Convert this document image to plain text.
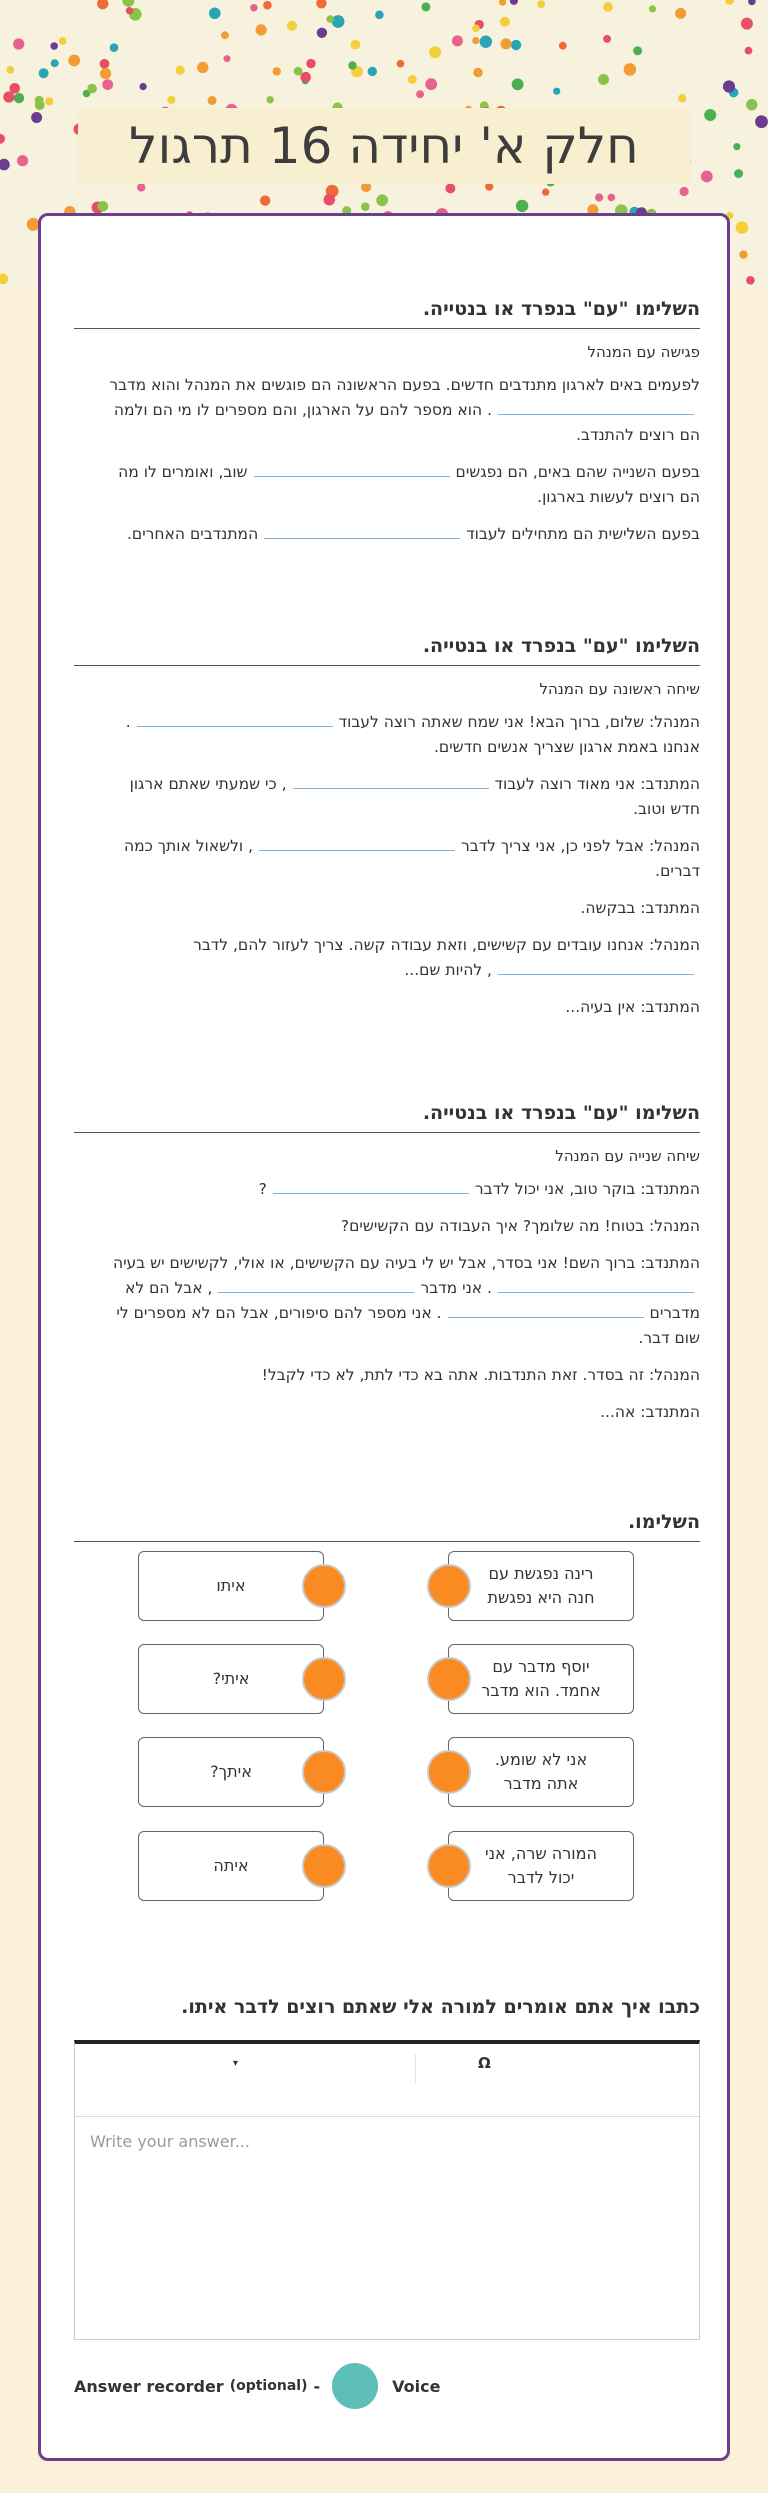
חלק א' יחידה 16 תרגול
השלימו "עם" בנפרד או בנטייה.

פגישה עם המנהל

לפעמים באים לארגון מתנדבים חדשים. בפעם הראשונה הם פוגשים את המנהל והוא מדבר
. הוא מספר להם על הארגון, והם מספרים לו מי הם ולמה
הם רוצים להתנדב.

בפעם השנייה שהם באים, הם נפגשיםשוב, ואומרים לו מה
הם רוצים לעשות בארגון.

בפעם השלישית הם מתחילים לעבודהמתנדבים האחרים.

השלימו "עם" בנפרד או בנטייה.

שיחה ראשונה עם המנהל

המנהל: שלום, ברוך הבא! אני שמח שאתה רוצה לעבוד.
אנחנו באמת ארגון שצריך אנשים חדשים.

המתנדב: אני מאוד רוצה לעבוד, כי שמעתי שאתם ארגון
חדש וטוב.

המנהל: אבל לפני כן, אני צריך לדבר, ולשאול אותך כמה
דברים.

המתנדב: בבקשה.

המנהל: אנחנו עובדים עם קשישים, וזאת עבודה קשה. צריך לעזור להם, לדבר
, להיות שם...

המתנדב: אין בעיה...

השלימו "עם" בנפרד או בנטייה.

שיחה שנייה עם המנהל

המתנדב: בוקר טוב, אני יכול לדבר?

המנהל: בטוח! מה שלומך? איך העבודה עם הקשישים?

המתנדב: ברוך השם! אני בסדר, אבל יש לי בעיה עם הקשישים, או אולי, לקשישים יש בעיה
. אני מדבר, אבל הם לא
מדברים. אני מספר להם סיפורים, אבל הם לא מספרים לי
שום דבר.

המנהל: זה בסדר. זאת התנדבות. אתה בא כדי לתת, לא כדי לקבל!

המתנדב: אה...

השלימו.
רינה נפגשת עם חנה היא נפגשת
איתו
יוסף מדבר עם אחמד. הוא מדבר
איתי?
אני לא שומע. אתה מדבר
איתך?
המורה שרה, אני יכול לדבר
איתה
כתבו איך אתם אומרים למורה אלי שאתם רוצים לדבר איתו.
▾	Ω
Write your answer...
Answer recorder (optional) -	Voice
